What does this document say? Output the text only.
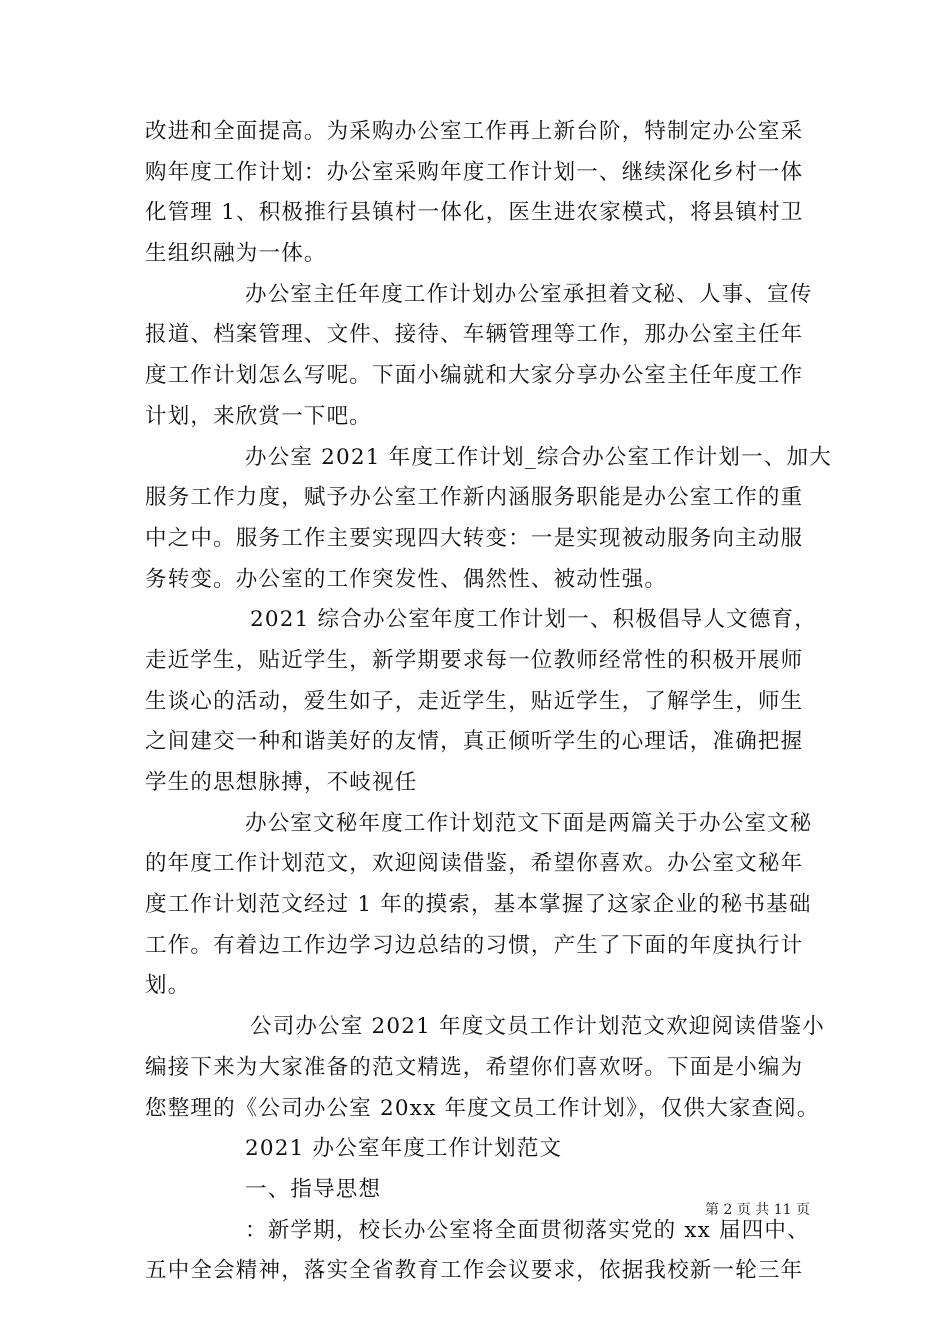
改进和全面提高。为采购办公室工作再上新台阶，特制定办公室采
购年度工作计划：办公室采购年度工作计划一、继续深化乡村一体
化管理 1、积极推行县镇村一体化，医生进农家模式，将县镇村卫
生组织融为一体。
办公室主任年度工作计划办公室承担着文秘、人事、宣传
报道、档案管理、文件、接待、车辆管理等工作，那办公室主任年
度工作计划怎么写呢。下面小编就和大家分享办公室主任年度工作
计划，来欣赏一下吧。
办公室 2021 年度工作计划_综合办公室工作计划一、加大
服务工作力度，赋予办公室工作新内涵服务职能是办公室工作的重
中之中。服务工作主要实现四大转变：一是实现被动服务向主动服
务转变。办公室的工作突发性、偶然性、被动性强。
2021 综合办公室年度工作计划一、积极倡导人文德育，
走近学生，贴近学生，新学期要求每一位教师经常性的积极开展师
生谈心的活动，爱生如子，走近学生，贴近学生，了解学生，师生
之间建交一种和谐美好的友情，真正倾听学生的心理话，准确把握
学生的思想脉搏，不岐视任
办公室文秘年度工作计划范文下面是两篇关于办公室文秘
的年度工作计划范文，欢迎阅读借鉴，希望你喜欢。办公室文秘年
度工作计划范文经过 1 年的摸索，基本掌握了这家企业的秘书基础
工作。有着边工作边学习边总结的习惯，产生了下面的年度执行计
划。
公司办公室 2021 年度文员工作计划范文欢迎阅读借鉴小
编接下来为大家准备的范文精选，希望你们喜欢呀。下面是小编为
您整理的《公司办公室 20xx 年度文员工作计划》，仅供大家查阅。
2021 办公室年度工作计划范文
一、指导思想
：新学期，校长办公室将全面贯彻落实党的 xx 届四中、
五中全会精神，落实全省教育工作会议要求，依据我校新一轮三年
第 2 页 共 11 页
